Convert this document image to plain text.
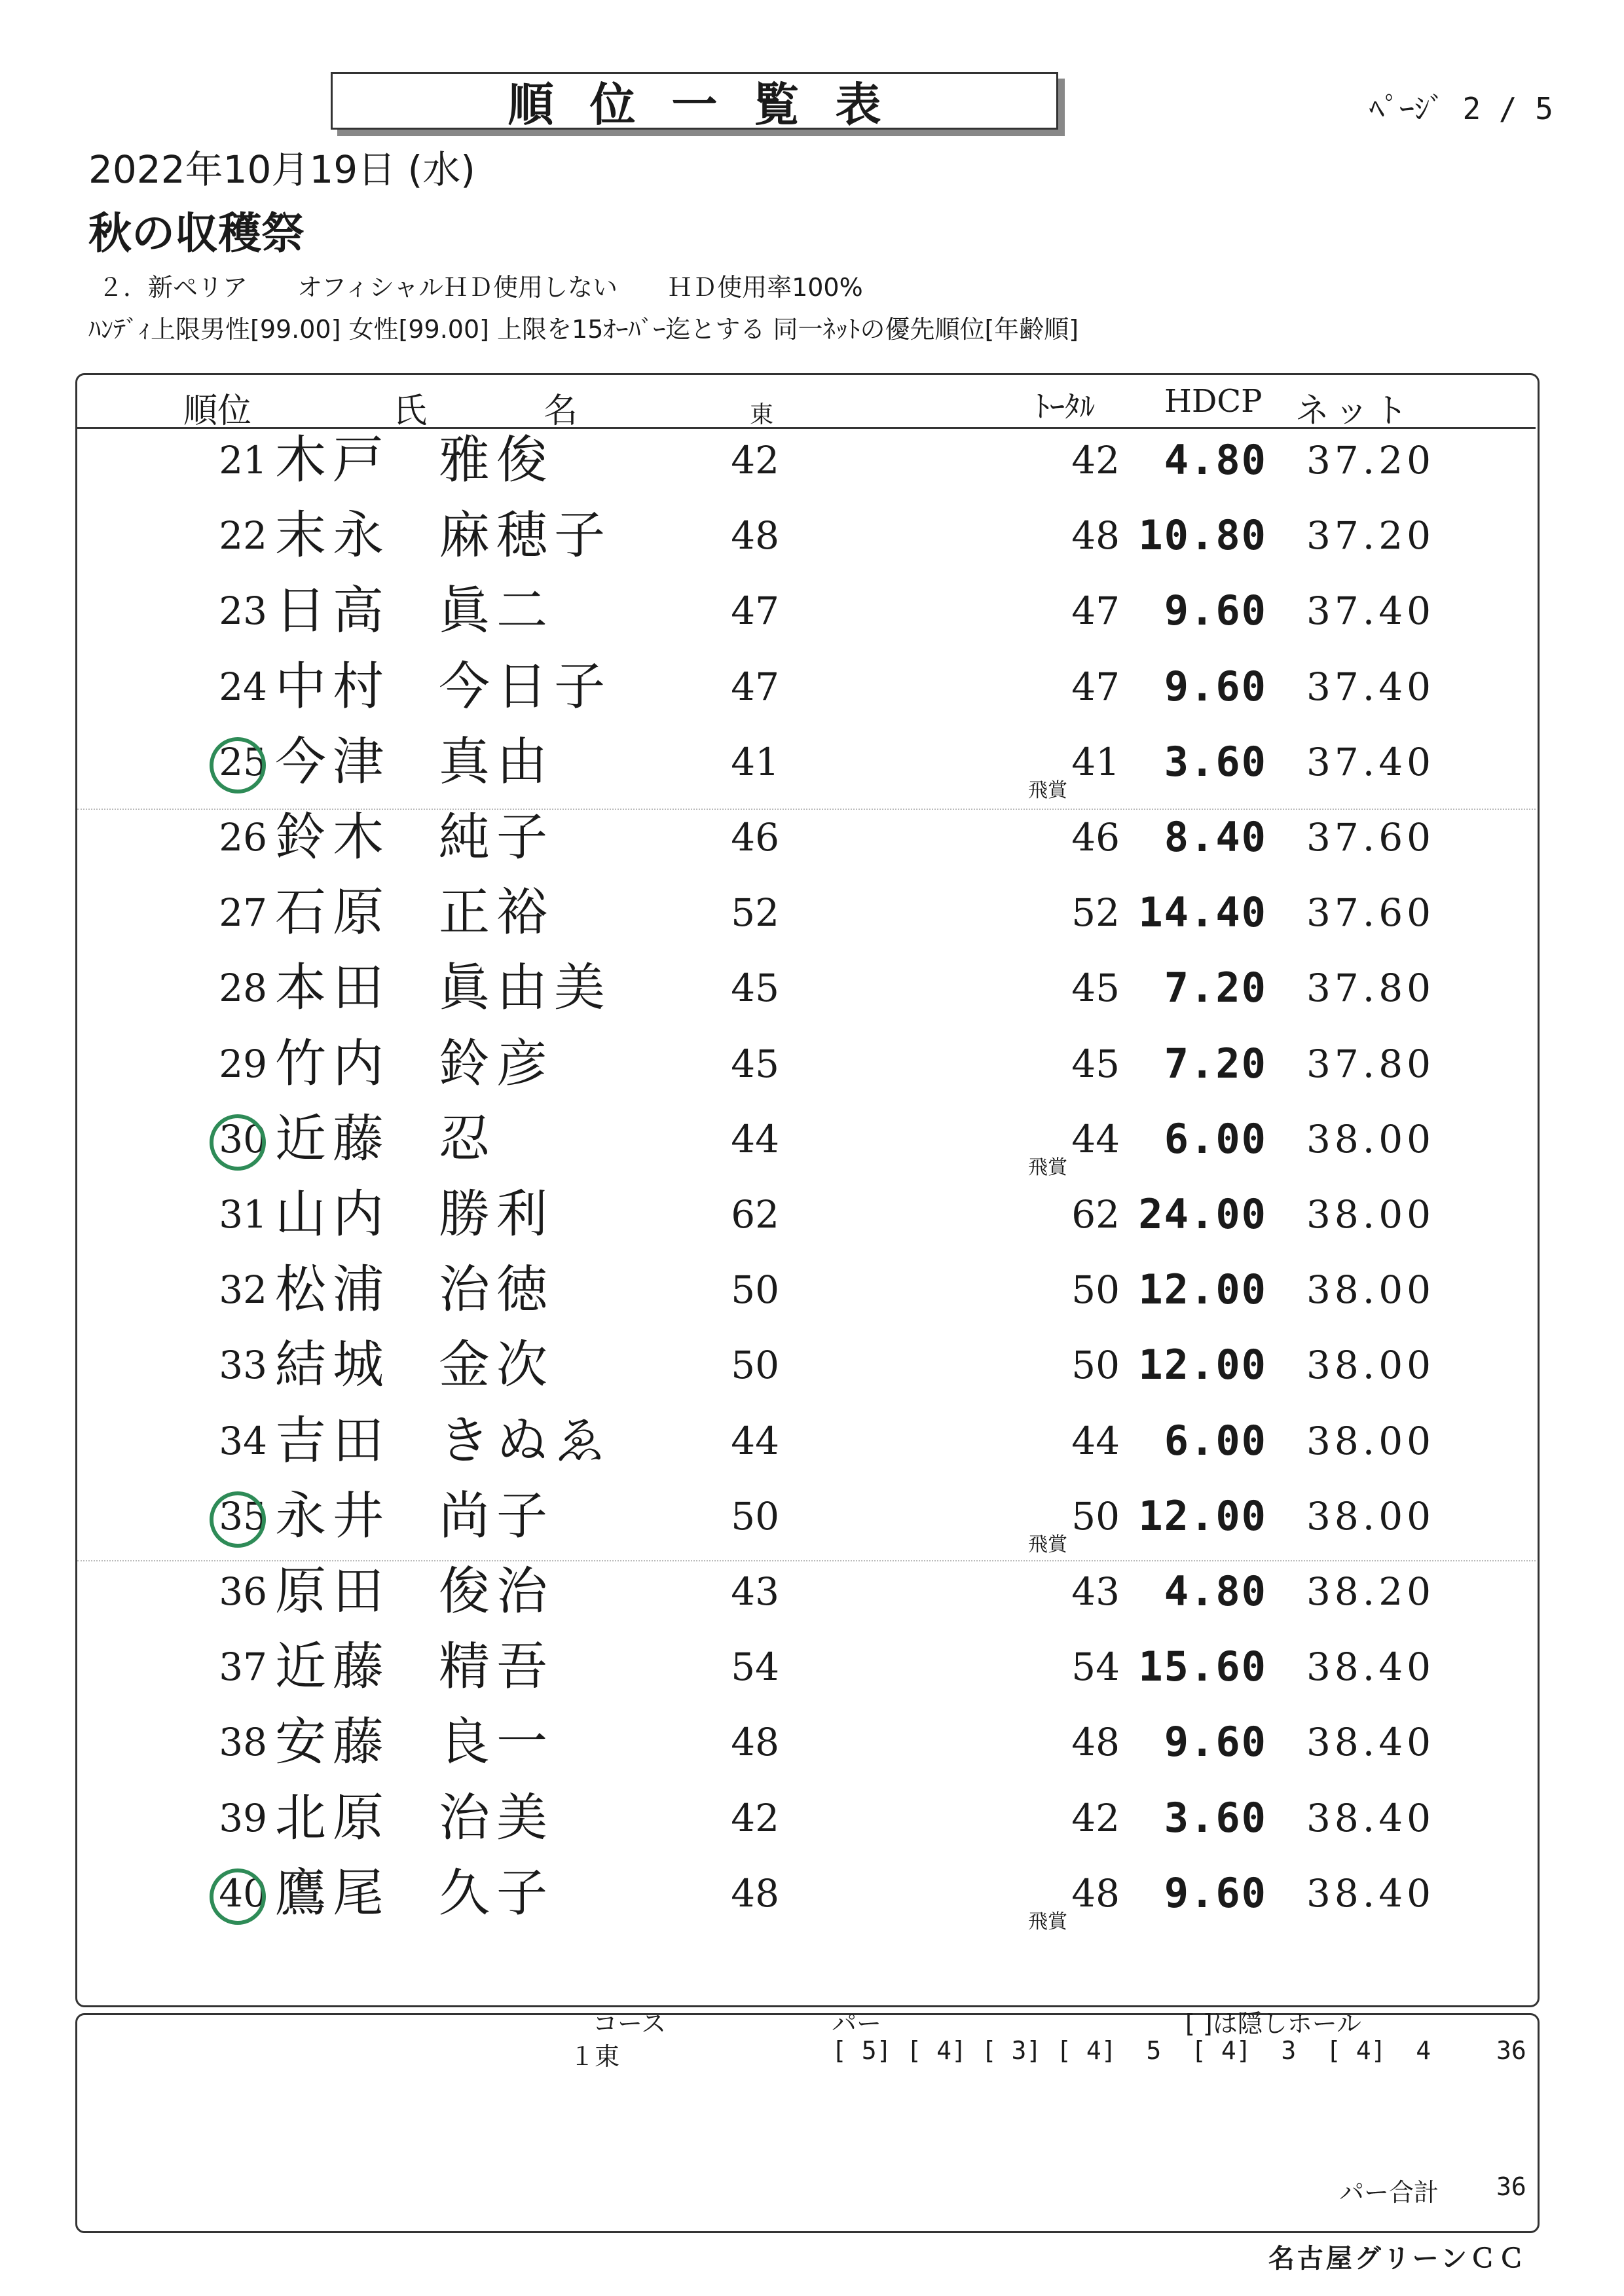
順位一覧表	ﾍﾟｰｼﾞ 2 / 5
2022年10月19日 (水)
秋の収穫祭
２．新ペリア　　オフィシャルＨＤ使用しない　　ＨＤ使用率100%
ﾊﾝﾃﾞｨ上限男性[99.00] 女性[99.00] 上限を15ｵｰﾊﾞｰ迄とする 同一ﾈｯﾄの優先順位[年齢順]
順位	氏	名	東	ﾄｰﾀﾙ HDCP ネット
21 木戸 雅俊	42	42	4.80 37.20
22 末永 麻穂子	48	48 10.80 37.20
23 日高 眞二	47	47	9.60 37.40
24 中村 今日子	47	47	9.60 37.40
25 今津 真由	41	41	3.60 37.40
飛賞
26 鈴木 純子	46	46	8.40 37.60
27 石原 正裕	52	52 14.40 37.60
28 本田 眞由美	45	45	7.20 37.80
29 竹内 鈴彦	45	45	7.20 37.80
30 近藤 忍	44	44	6.00 38.00
飛賞
31 山内 勝利	62	62 24.00 38.00
32 松浦 治徳	50	50 12.00 38.00
33 結城 金次	50	50 12.00 38.00
34 吉田 きぬゑ	44	44	6.00 38.00
35 永井 尚子	50	50 12.00 38.00
飛賞
36 原田 俊治	43	43	4.80 38.20
37 近藤 精吾	54	54 15.60 38.40
38 安藤 良一	48	48	9.60 38.40
39 北原 治美	42	42	3.60 38.40
40 鷹尾 久子	48	48	9.60 38.40
飛賞
コース	パー	[ ]は隠しホール
１東	[ 5] [ 4] [ 3] [ 4]  5  [ 4]  3  [ 4]  4	36
パー合計 36
名古屋グリーンＣＣ
